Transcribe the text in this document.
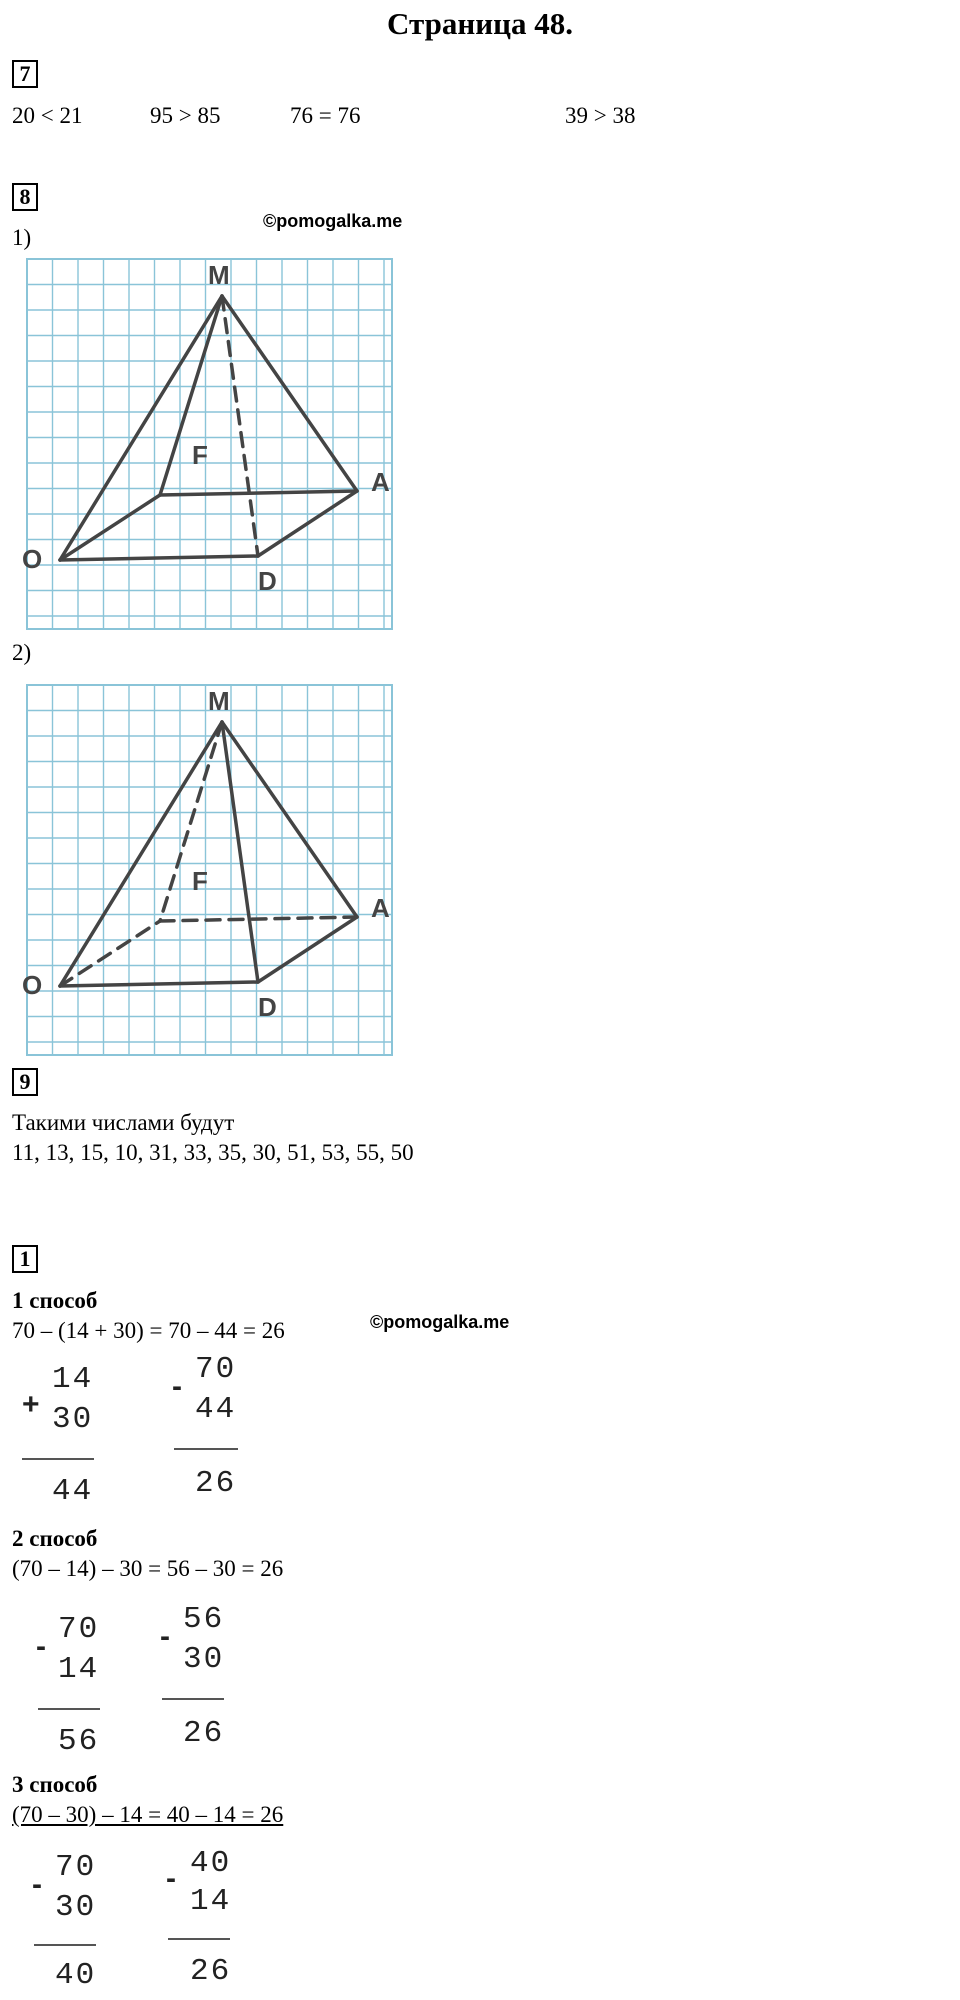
Страница 48.
7
20 < 21	95 > 85	76 = 76	39 > 38
8
©pomogalka.me
1)
M
A
O
D
F
2)
M
A
O
D
F
9
Такими числами будут
11, 13, 15, 10, 31, 33, 35, 30, 51, 53, 55, 50
1
1 способ
©pomogalka.me
70 – (14 + 30) = 70 – 44 = 26
+
14
30
44
- 70
44
26
2 способ
(70 – 14) – 30 = 56 – 30 = 26
- 70
14
56
- 56
30
26
3 способ
(70 – 30) – 14 = 40 – 14 = 26
- 70
30
40
- 40
14
26
